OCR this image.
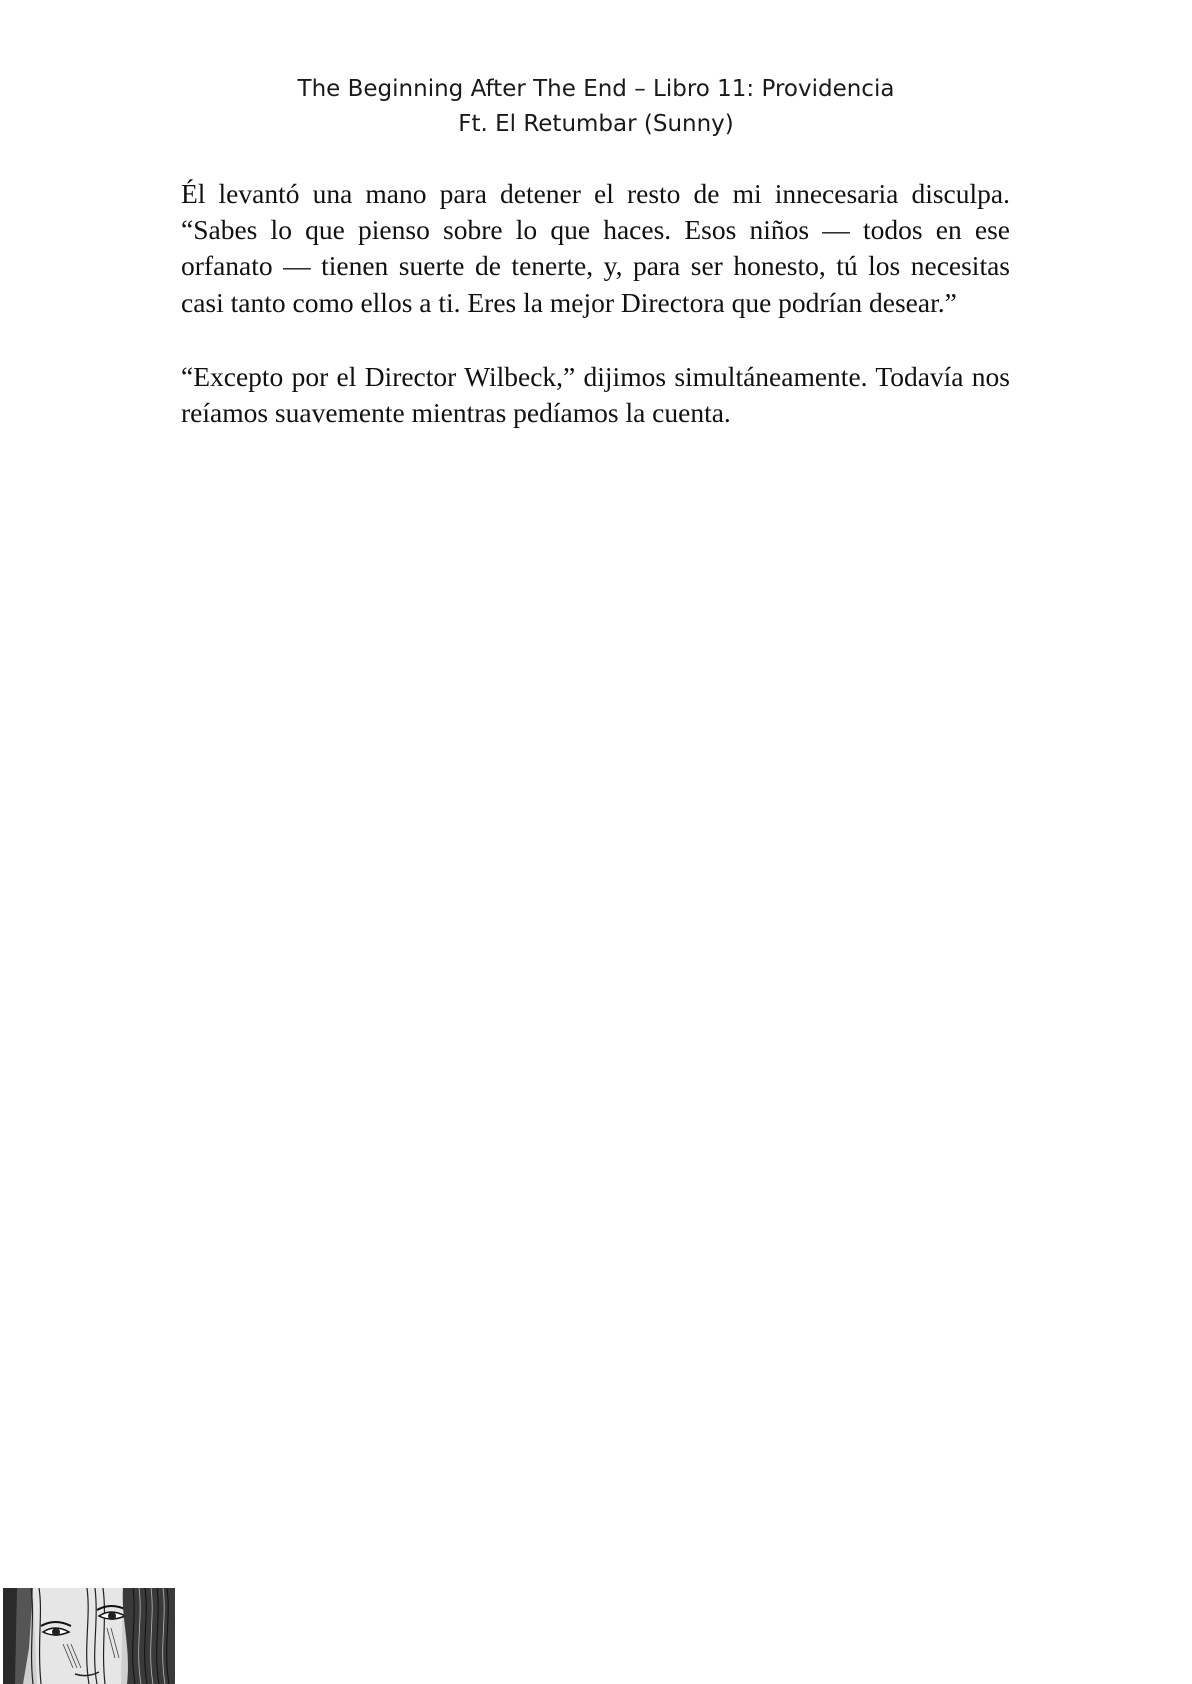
The Beginning After The End – Libro 11: Providencia
Ft. El Retumbar (Sunny)

Él levantó una mano para detener el resto de mi innecesaria disculpa. “Sabes lo que pienso sobre lo que haces. Esos niños — todos en ese orfanato — tienen suerte de tenerte, y, para ser honesto, tú los necesitas casi tanto como ellos a ti. Eres la mejor Directora que podrían desear.”

“Excepto por el Director Wilbeck,” dijimos simultáneamente. Todavía nos reíamos suavemente mientras pedíamos la cuenta.
